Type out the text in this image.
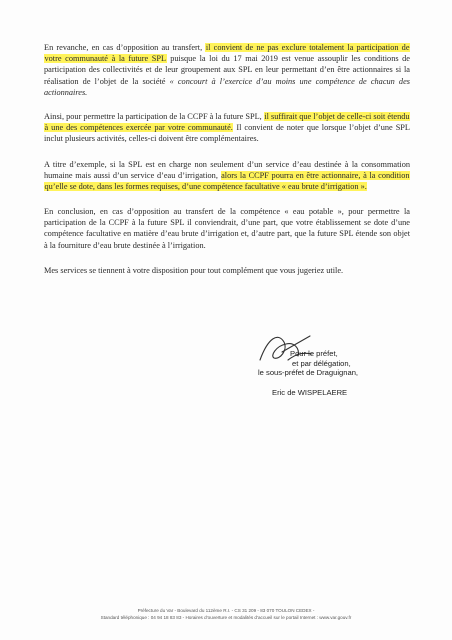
En revanche, en cas d’opposition au transfert, il convient de ne pas exclure totalement la participation de votre communauté à la future SPL puisque la loi du 17 mai 2019 est venue assouplir les conditions de participation des collectivités et de leur groupement aux SPL en leur permettant d’en être actionnaires si la réalisation de l’objet de la société « concourt à l’exercice d’au moins une compétence de chacun des actionnaires.

Ainsi, pour permettre la participation de la CCPF à la future SPL, il suffirait que l’objet de celle-ci soit étendu à une des compétences exercée par votre communauté. Il convient de noter que lorsque l’objet d’une SPL inclut plusieurs activités, celles-ci doivent être complémentaires.

A titre d’exemple, si la SPL est en charge non seulement d’un service d’eau destinée à la consommation humaine mais aussi d’un service d’eau d’irrigation, alors la CCPF pourra en être actionnaire, à la condition qu’elle se dote, dans les formes requises, d’une compétence facultative « eau brute d’irrigation ».

En conclusion, en cas d’opposition au transfert de la compétence « eau potable », pour permettre la participation de la CCPF à la future SPL il conviendrait, d’une part, que votre établissement se dote d’une compétence facultative en matière d’eau brute d’irrigation et, d’autre part, que la future SPL étende son objet à la fourniture d’eau brute destinée à l’irrigation.

Mes services se tiennent à votre disposition pour tout complément que vous jugeriez utile.

Pour le préfet,
et par délégation,
le sous-préfet de Draguignan,
Eric de WISPELAERE
Préfecture du Var - Boulevard du 112ème R.I. - CS 31 209 - 83 070 TOULON CEDEX -
Standard téléphonique : 04 94 18 83 83 - Horaires d’ouverture et modalités d’accueil sur le portail Internet : www.var.gouv.fr
